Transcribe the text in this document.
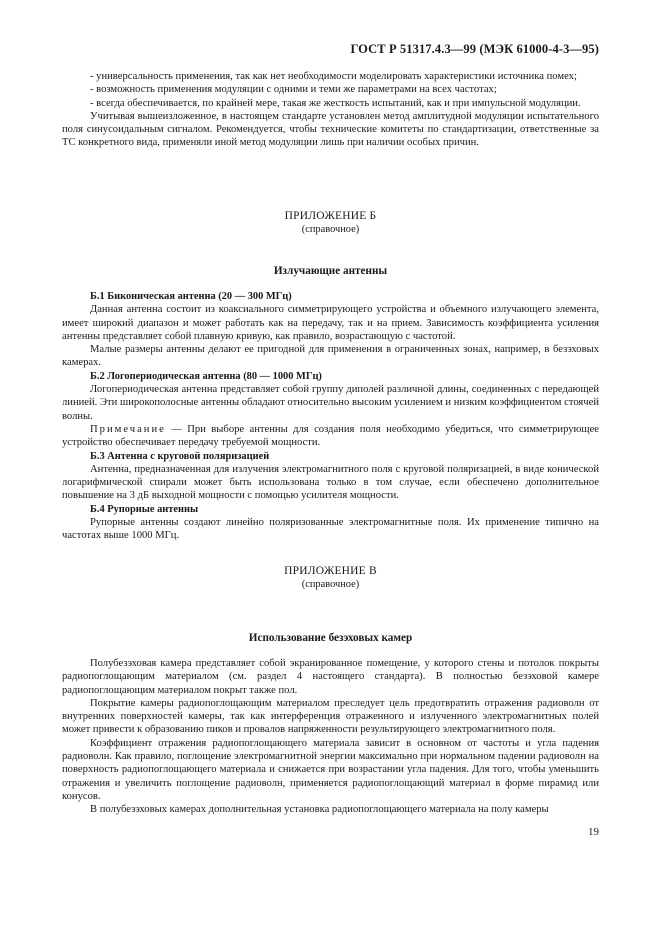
ГОСТ Р 51317.4.3—99 (МЭК 61000-4-3—95)

- универсальность применения, так как нет необходимости моделировать характеристики источника помех;

- возможность применения модуляции с одними и теми же параметрами на всех частотах;

- всегда обеспечивается, по крайней мере, такая же жесткость испытаний, как и при импульсной модуляции.

Учитывая вышеизложенное, в настоящем стандарте установлен метод амплитудной модуляции испытательного поля синусоидальным сигналом. Рекомендуется, чтобы технические комитеты по стандартизации, ответственные за ТС конкретного вида, применяли иной метод модуляции лишь при наличии особых причин.

ПРИЛОЖЕНИЕ Б

(справочное)

Излучающие антенны

Б.1 Биконическая антенна (20 — 300 МГц)

Данная антенна состоит из коаксиального симметрирующего устройства и объемного излучающего элемента, имеет широкий диапазон и может работать как на передачу, так и на прием. Зависимость коэффициента усиления антенны представляет собой плавную кривую, как правило, возрастающую с частотой.

Малые размеры антенны делают ее пригодной для применения в ограниченных зонах, например, в безэховых камерах.

Б.2 Логопериодическая антенна (80 — 1000 МГц)

Логопериодическая антенна представляет собой группу диполей различной длины, соединенных с передающей линией. Эти широкополосные антенны обладают относительно высоким усилением и низким коэффициентом стоячей волны.

Примечание — При выборе антенны для создания поля необходимо убедиться, что симметрирующее устройство обеспечивает передачу требуемой мощности.

Б.3 Антенна с круговой поляризацией

Антенна, предназначенная для излучения электромагнитного поля с круговой поляризацией, в виде конической логарифмической спирали может быть использована только в том случае, если обеспечено дополнительное повышение на 3 дБ выходной мощности с помощью усилителя мощности.

Б.4 Рупорные антенны

Рупорные антенны создают линейно поляризованные электромагнитные поля. Их применение типично на частотах выше 1000 МГц.

ПРИЛОЖЕНИЕ В

(справочное)

Использование безэховых камер

Полубезэховая камера представляет собой экранированное помещение, у которого стены и потолок покрыты радиопоглощающим материалом (см. раздел 4 настоящего стандарта). В полностью безэховой камере радиопоглощающим материалом покрыт также пол.

Покрытие камеры радиопоглощающим материалом преследует цель предотвратить отражения радиоволн от внутренних поверхностей камеры, так как интерференция отраженного и излученного электромагнитных полей может привести к образованию пиков и провалов напряженности результирующего электромагнитного поля.

Коэффициент отражения радиопоглощающего материала зависит в основном от частоты и угла падения радиоволн. Как правило, поглощение электромагнитной энергии максимально при нормальном падении радиоволн на поверхность радиопоглощающего материала и снижается при возрастании угла падения. Для того, чтобы уменьшить отражения и увеличить поглощение радиоволн, применяется радиопоглощающий материал в форме пирамид или конусов.

В полубезэховых камерах дополнительная установка радиопоглощающего материала на полу камеры

19
